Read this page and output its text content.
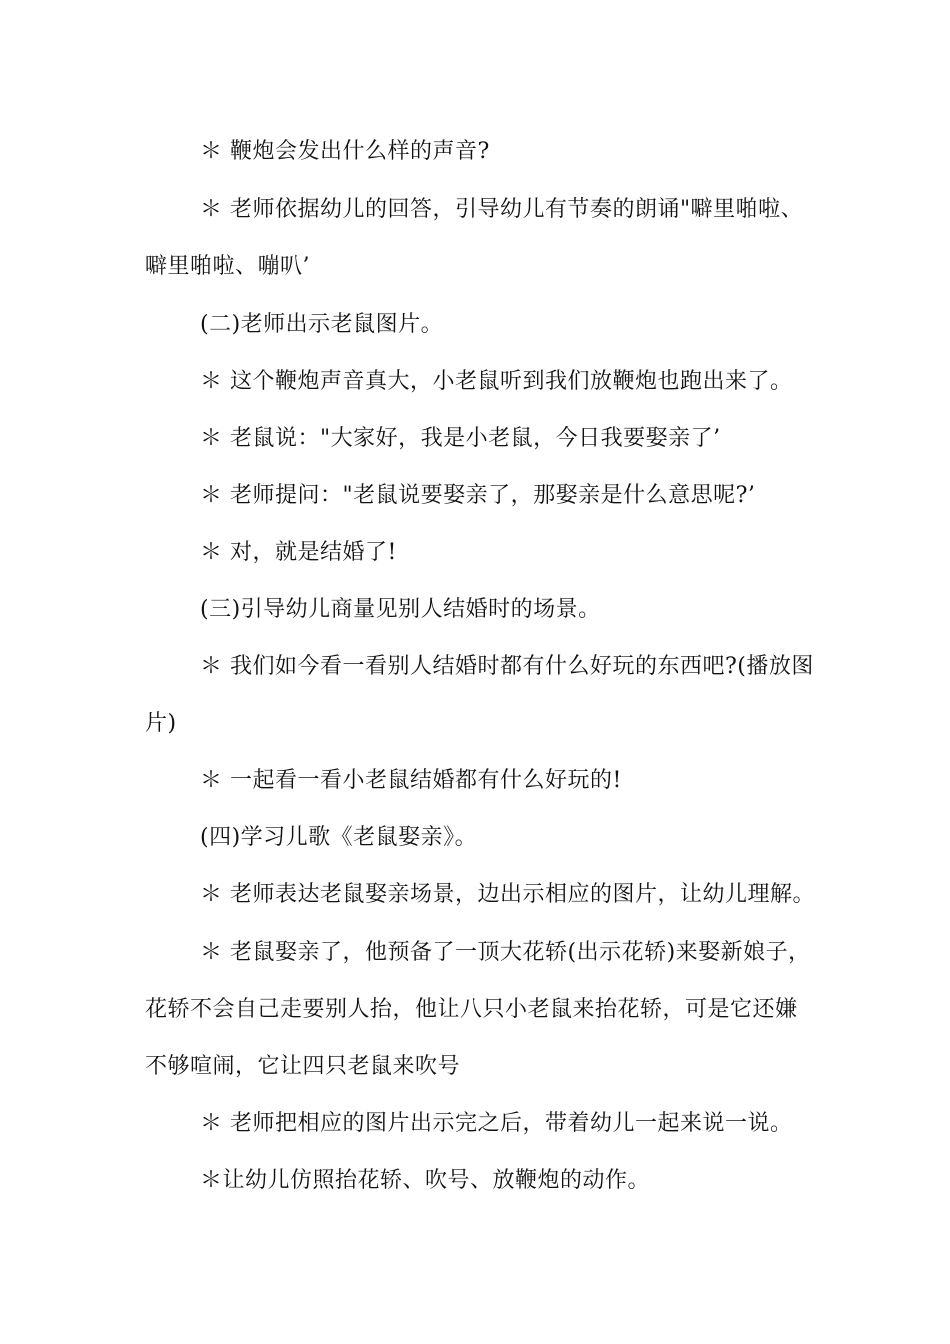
＊ 鞭炮会发出什么样的声音?
＊ 老师依据幼儿的回答，引导幼儿有节奏的朗诵"噼里啪啦、
噼里啪啦、嘣叭’
(二)老师出示老鼠图片。
＊ 这个鞭炮声音真大，小老鼠听到我们放鞭炮也跑出来了。
＊ 老鼠说："大家好，我是小老鼠，今日我要娶亲了’
＊ 老师提问："老鼠说要娶亲了，那娶亲是什么意思呢?’
＊ 对，就是结婚了!
(三)引导幼儿商量见别人结婚时的场景。
＊ 我们如今看一看别人结婚时都有什么好玩的东西吧?(播放图
片)
＊ 一起看一看小老鼠结婚都有什么好玩的!
(四)学习儿歌《老鼠娶亲》。
＊ 老师表达老鼠娶亲场景，边出示相应的图片，让幼儿理解。
＊ 老鼠娶亲了，他预备了一顶大花轿(出示花轿)来娶新娘子，
花轿不会自己走要别人抬，他让八只小老鼠来抬花轿，可是它还嫌
不够喧闹，它让四只老鼠来吹号
＊ 老师把相应的图片出示完之后，带着幼儿一起来说一说。
＊让幼儿仿照抬花轿、吹号、放鞭炮的动作。
